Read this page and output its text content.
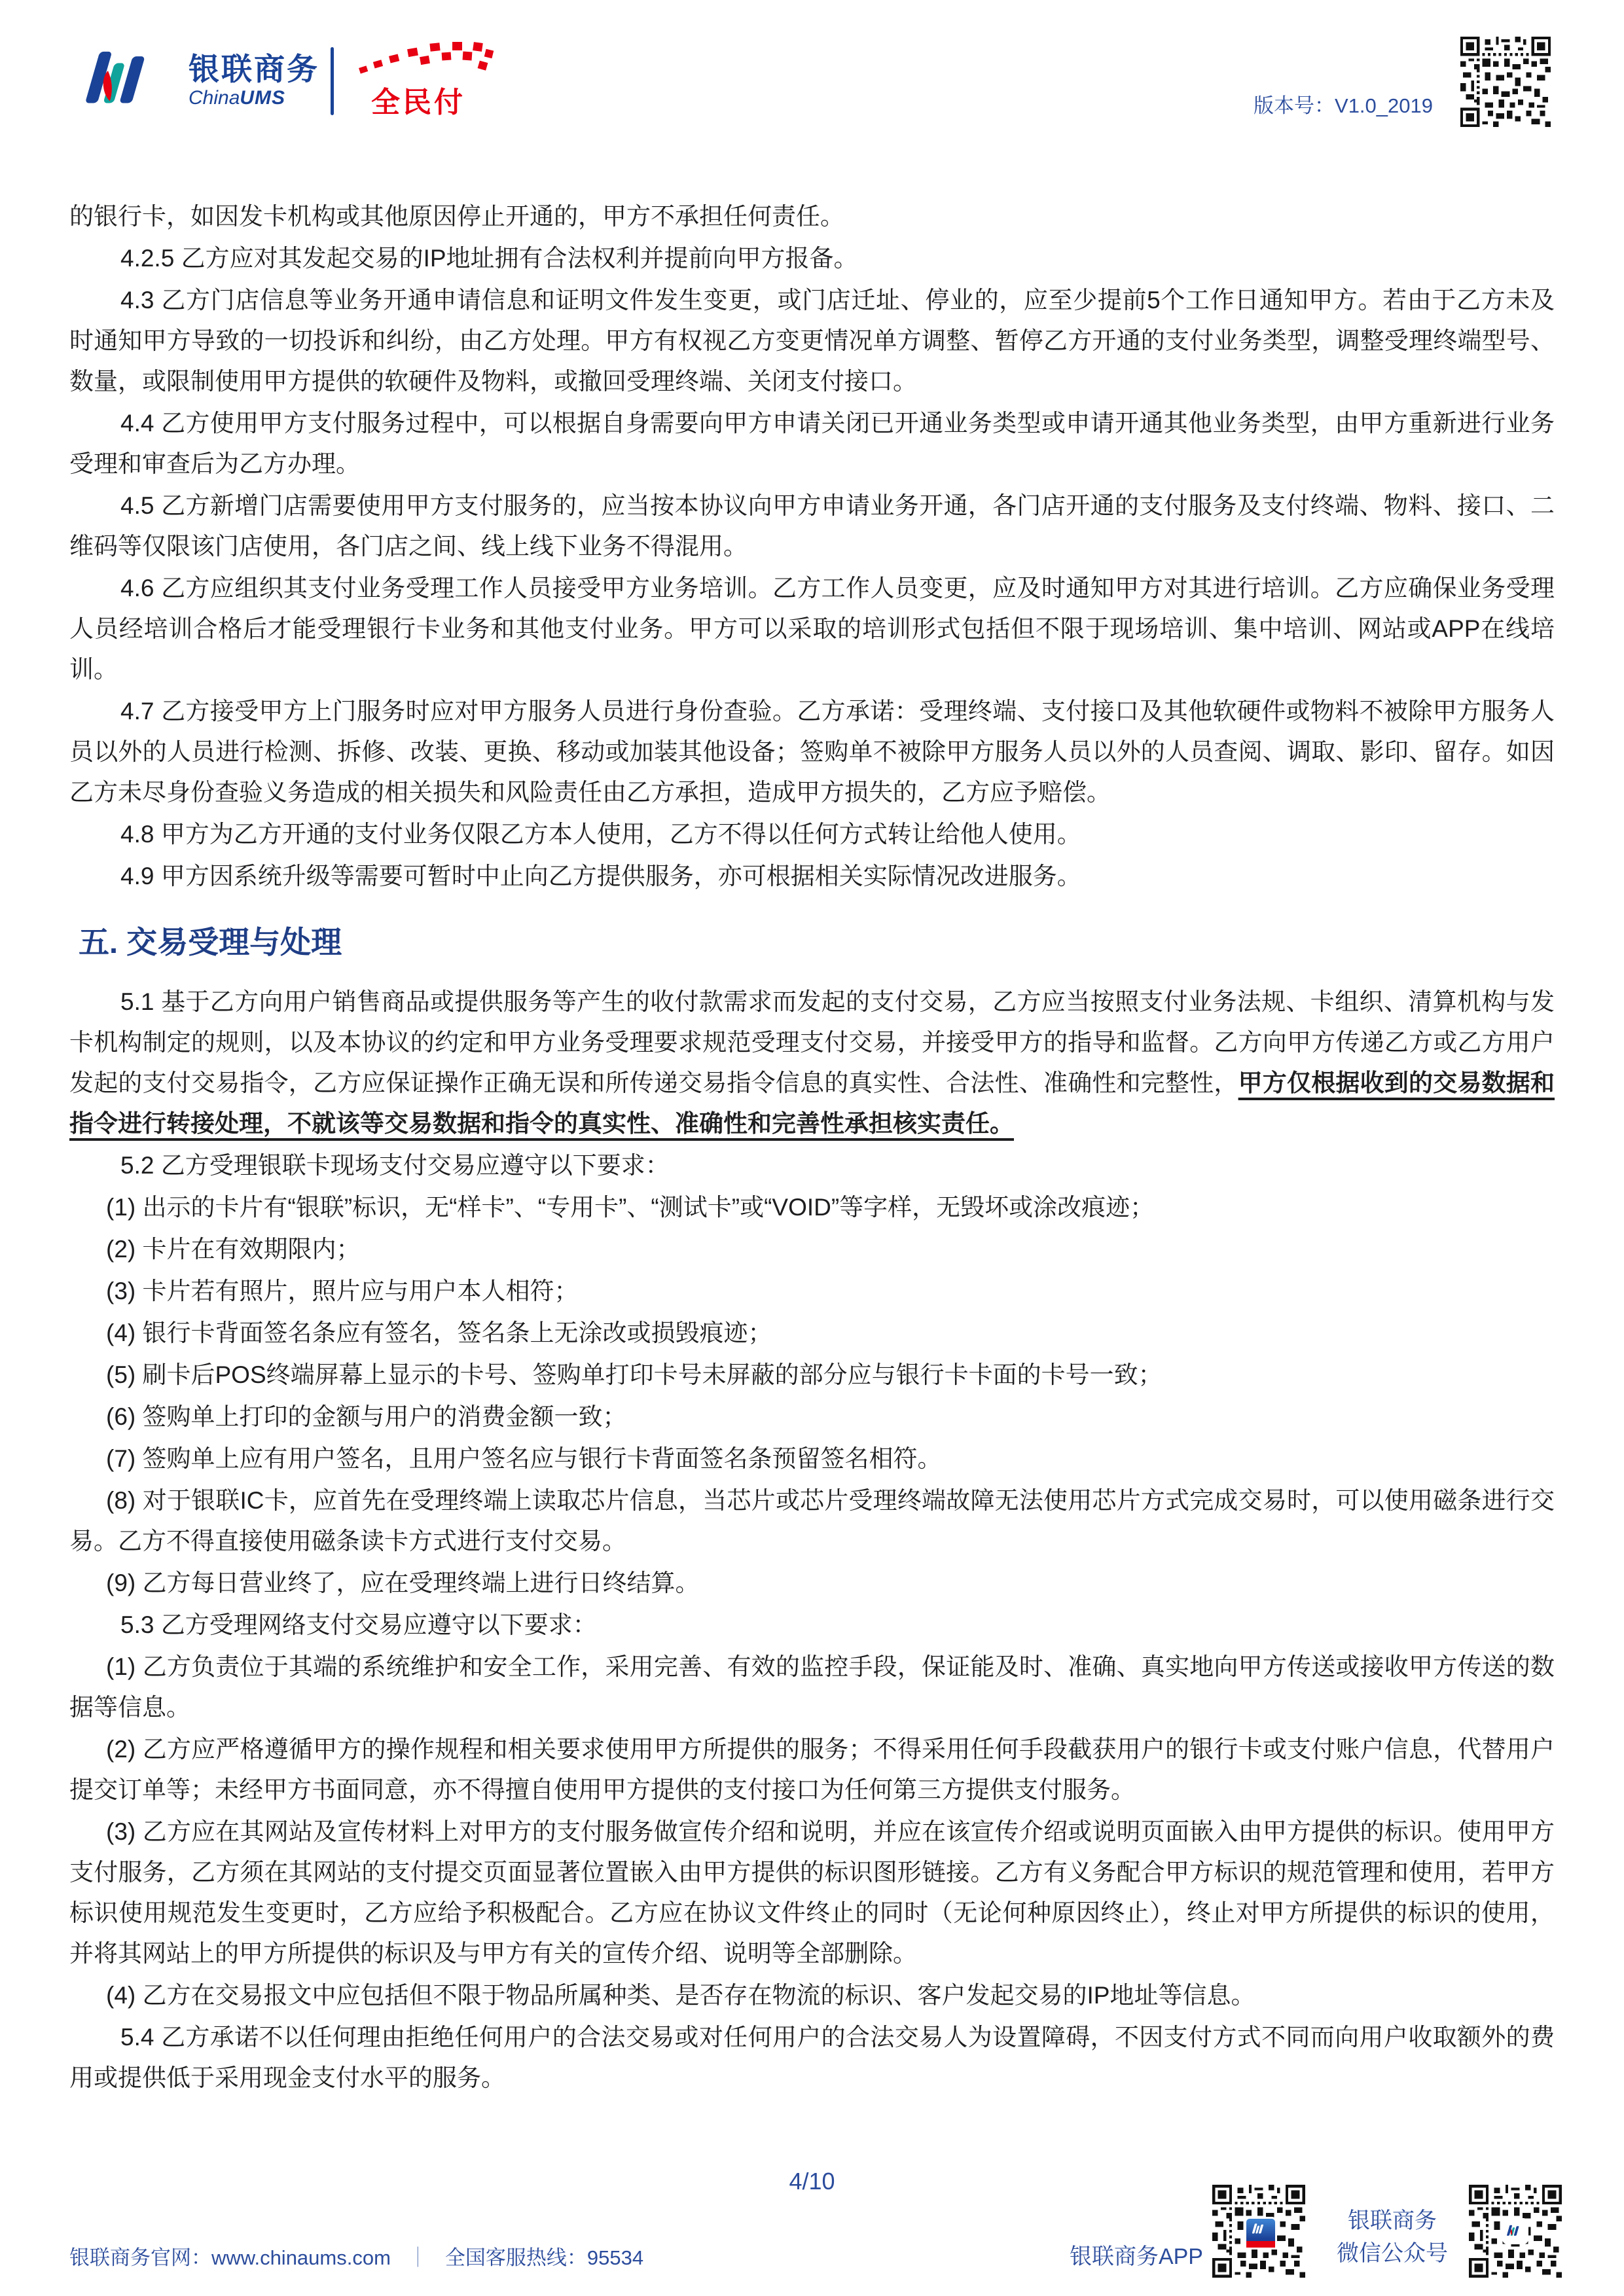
银联商务
ChinaUMS	全民付	版本号：V1.0_2019

的银行卡，如因发卡机构或其他原因停止开通的，甲方不承担任何责任。

4.2.5 乙方应对其发起交易的IP地址拥有合法权利并提前向甲方报备。

4.3 乙方门店信息等业务开通申请信息和证明文件发生变更，或门店迁址、停业的，应至少提前5个工作日通知甲方。若由于乙方未及时通知甲方导致的一切投诉和纠纷，由乙方处理。甲方有权视乙方变更情况单方调整、暂停乙方开通的支付业务类型，调整受理终端型号、数量，或限制使用甲方提供的软硬件及物料，或撤回受理终端、关闭支付接口。

4.4 乙方使用甲方支付服务过程中，可以根据自身需要向甲方申请关闭已开通业务类型或申请开通其他业务类型，由甲方重新进行业务受理和审查后为乙方办理。

4.5 乙方新增门店需要使用甲方支付服务的，应当按本协议向甲方申请业务开通，各门店开通的支付服务及支付终端、物料、接口、二维码等仅限该门店使用，各门店之间、线上线下业务不得混用。

4.6 乙方应组织其支付业务受理工作人员接受甲方业务培训。乙方工作人员变更，应及时通知甲方对其进行培训。乙方应确保业务受理人员经培训合格后才能受理银行卡业务和其他支付业务。甲方可以采取的培训形式包括但不限于现场培训、集中培训、网站或APP在线培训。

4.7 乙方接受甲方上门服务时应对甲方服务人员进行身份查验。乙方承诺：受理终端、支付接口及其他软硬件或物料不被除甲方服务人员以外的人员进行检测、拆修、改装、更换、移动或加装其他设备；签购单不被除甲方服务人员以外的人员查阅、调取、影印、留存。如因乙方未尽身份查验义务造成的相关损失和风险责任由乙方承担，造成甲方损失的，乙方应予赔偿。

4.8 甲方为乙方开通的支付业务仅限乙方本人使用，乙方不得以任何方式转让给他人使用。

4.9 甲方因系统升级等需要可暂时中止向乙方提供服务，亦可根据相关实际情况改进服务。

五. 交易受理与处理

5.1 基于乙方向用户销售商品或提供服务等产生的收付款需求而发起的支付交易，乙方应当按照支付业务法规、卡组织、清算机构与发卡机构制定的规则，以及本协议的约定和甲方业务受理要求规范受理支付交易，并接受甲方的指导和监督。乙方向甲方传递乙方或乙方用户发起的支付交易指令，乙方应保证操作正确无误和所传递交易指令信息的真实性、合法性、准确性和完整性，甲方仅根据收到的交易数据和指令进行转接处理，不就该等交易数据和指令的真实性、准确性和完善性承担核实责任。

5.2 乙方受理银联卡现场支付交易应遵守以下要求：

(1) 出示的卡片有“银联”标识，无“样卡”、“专用卡”、“测试卡”或“VOID”等字样，无毁坏或涂改痕迹；

(2) 卡片在有效期限内；

(3) 卡片若有照片，照片应与用户本人相符；

(4) 银行卡背面签名条应有签名，签名条上无涂改或损毁痕迹；

(5) 刷卡后POS终端屏幕上显示的卡号、签购单打印卡号未屏蔽的部分应与银行卡卡面的卡号一致；

(6) 签购单上打印的金额与用户的消费金额一致；

(7) 签购单上应有用户签名，且用户签名应与银行卡背面签名条预留签名相符。

(8) 对于银联IC卡，应首先在受理终端上读取芯片信息，当芯片或芯片受理终端故障无法使用芯片方式完成交易时，可以使用磁条进行交易。乙方不得直接使用磁条读卡方式进行支付交易。

(9) 乙方每日营业终了，应在受理终端上进行日终结算。

5.3 乙方受理网络支付交易应遵守以下要求：

(1) 乙方负责位于其端的系统维护和安全工作，采用完善、有效的监控手段，保证能及时、准确、真实地向甲方传送或接收甲方传送的数据等信息。

(2) 乙方应严格遵循甲方的操作规程和相关要求使用甲方所提供的服务；不得采用任何手段截获用户的银行卡或支付账户信息，代替用户提交订单等；未经甲方书面同意，亦不得擅自使用甲方提供的支付接口为任何第三方提供支付服务。

(3) 乙方应在其网站及宣传材料上对甲方的支付服务做宣传介绍和说明，并应在该宣传介绍或说明页面嵌入由甲方提供的标识。使用甲方支付服务，乙方须在其网站的支付提交页面显著位置嵌入由甲方提供的标识图形链接。乙方有义务配合甲方标识的规范管理和使用，若甲方标识使用规范发生变更时，乙方应给予积极配合。乙方应在协议文件终止的同时（无论何种原因终止），终止对甲方所提供的标识的使用，并将其网站上的甲方所提供的标识及与甲方有关的宣传介绍、说明等全部删除。

(4) 乙方在交易报文中应包括但不限于物品所属种类、是否存在物流的标识、客户发起交易的IP地址等信息。

5.4 乙方承诺不以任何理由拒绝任何用户的合法交易或对任何用户的合法交易人为设置障碍，不因支付方式不同而向用户收取额外的费用或提供低于采用现金支付水平的服务。

4/10
银联商务APP
银联商务
微信公众号
银联商务官网：www.chinaums.com ｜ 全国客服热线：95534
